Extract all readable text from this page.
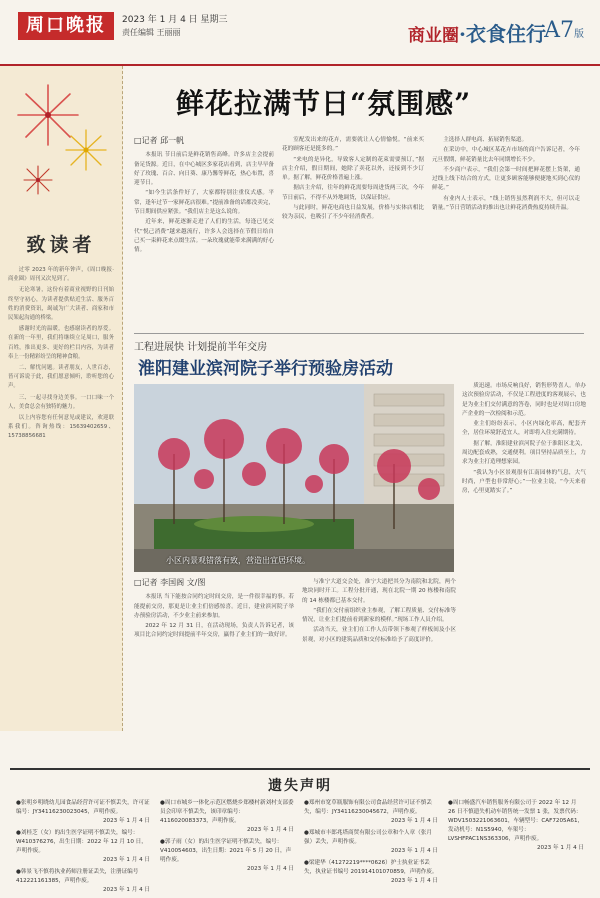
周口晚报	2023 年 1 月 4 日 星期三
责任编辑 王丽丽	商业圈·衣食住行
A7版
致读者

过零 2023 年的新年钟声，《周口晚报·商业圈》周刊又次见到了。

无论寒暑，这份有着商业视野的日刊始终坚守初心，为读者提供贴近生活、服务百姓的消费资讯，竭诚为广大读者、商家和市民架起沟通的桥梁。

感谢时光的温暖，也感谢读者的厚爱。在新的一年里，我们将继续立足周口，服务百姓，推出更多、更好的栏目内容，为读者奉上一份精彩纷呈的精神食粮。

二、解忧问题。读者朋友，人世百态，皆可诉说于此，我们愿意倾听，聆听您的心声。

三、一起寻找身边美事。一口口味一个人，美食总会有独特的魅力。

以上内容您有任何意见或建议，欢迎联系我们。咨询热线：15639402659、15738856681

鲜花拉满节日“氛围感”
□记者 邱一帆

本报讯 节日前后是鲜花销售高峰。许多店主会提前备足货源。近日，在中心城区多家花店看到，店主早早备好了玫瑰、百合、向日葵、康乃馨等鲜花，热心布置，喜迎节日。

“如今生活条件好了，大家都特别注重仪式感。平常，逢年过节一家鲜花店很难。”提前准备的话都没卖完，节日期间供应紧张。“我们店主是这么说的。

近年来，鲜花逐渐走进了人们的生活，每逢已见交代“悦己消费”越来越流行，许多人会选择在节假日给自己买一束鲜花来点缀生活。一朵玫瑰就能带来满满的好心情。

室配发出来的花卉，需要就让人心情愉悦。“前来买花的顾客还是挺多的。”

“来电的是异化，导致客人定制的花束需要预订，”据店主介绍，假日期间，她除了卖花以外，还接到不少订单。据了解，鲜花价格普遍上涨。

据店主介绍，往年的鲜花需要每周进货两三次，今年节日前后，不得不从外地调货，以保证供应。

与此同时，鲜花电商也日益发展，价格与实体店相比较为亲民，也吸引了不少年轻消费者。

主选择人群电商、拓展销售渠道。

在采访中，中心城区某花卉市场的商户告诉记者，今年元旦假期，鲜花销量比去年同期增长不少。

不少商户表示，“我们会第一时间把鲜花摆上货架，通过线上线下结合的方式，让更多顾客能够便捷地买到心仪的鲜花。”

有业内人士表示，“线上销售虽然利润不大，但可以走销量。”节日营销活动的推出也让鲜花消费热度持续升温。

工程进展快 计划提前半年交房
淮阳建业滨河院子举行预验房活动
小区内景观错落有致，营造出宜居环境。

质迅速。市场反响良好，销售形势喜人。单办这次预验房活动，不仅是工程进度的客观展示，也是为业主们交付满意的答卷，同时也是对周口房地产企业的一次检阅和示范。

业主们纷纷表示，小区内绿化率高，配套齐全，居住环境舒适宜人，对即将入住充满期待。

据了解，淮阳建业滨河院子位于淮阳区北关，周边配套成熟，交通便利。项目坚持品质至上，力求为业主打造理想家园。

“我认为小区景观很有江南园林的气息，大气时尚，户型也非常舒心；”一位业主说，“今天来看房，心里更踏实了。”

□记者 李国阁 文/图

本报讯 当下能按合同约定时间交房，是一件很幸福的事。若能提前交房，那更是让业主们倍感惊喜。近日，建业滨河院子举办预验房活动，不少业主前来参加。

2022 年 12 月 31 日，在活动现场，负责人告诉记者，该项目比合同约定时间提前半年交房，赢得了业主们的一致好评。

与准宁大道交会处，准宁大道把其分为南院和北院，两个地块同时开工。工程分批开通，现在北院一期 20 栋楼和南院的 14 栋楼都已基本交付。

“我们在交付前组织业主参观，了解工程质量、交付标准等情况，让业主们提前看到新家的模样。”现场工作人员介绍。

活动当天，业主们在工作人员带领下参观了样板间及小区景观，对小区的建筑品质和交付标准给予了高度评价。

遗失声明

●张明乡明晓幼儿园食品经营许可证不慎丢失，许可证编号：JY34116230023045，声明作废。
2023 年 1 月 4 日

●刘桂芝（女）的出生医学证明不慎丢失，编号：W410376276，出生日期：2022 年 12 月 10 日，声明作废。
2023 年 1 月 4 日

●韩景飞不慎将执业药师注册证丢失，注册证编号 412221161385，声明作废。
2023 年 1 月 4 日

●周口市城乡一体化示范区燃烧乡郑楼村新刘村支部委员会印章不慎丢失，该印章编号：4116020083373，声明作废。
2023 年 1 月 4 日

●郭子雨（女）的出生医学证明不慎丢失，编号：V410054603，出生日期：2021 年 5 月 20 日，声明作废。
2023 年 1 月 4 日

●郑州市宽草瓶服饰有限公司食品经营许可证不慎丢失，编号：JY34116230045672，声明作废。
2023 年 1 月 4 日

●郑城市丰郎兆塔商贸有限公司公章和个人章（张月强）丢失，声明作废。
2023 年 1 月 4 日

●梁建华（41272219****0626）护士执业证书丢失，执业证书编号 201914101070859，声明作废。
2023 年 1 月 4 日

●周口畅盛汽车销售服务有限公司于 2022 年 12 月 26 日不慎遗失机动车销售统一发票 1 张，发票代码：WDV1503221063601，车辆型号：CAF7205A61，发动机号：N1S5940，车架号：LVSHFPAC1NS363306，声明作废。
2023 年 1 月 4 日
